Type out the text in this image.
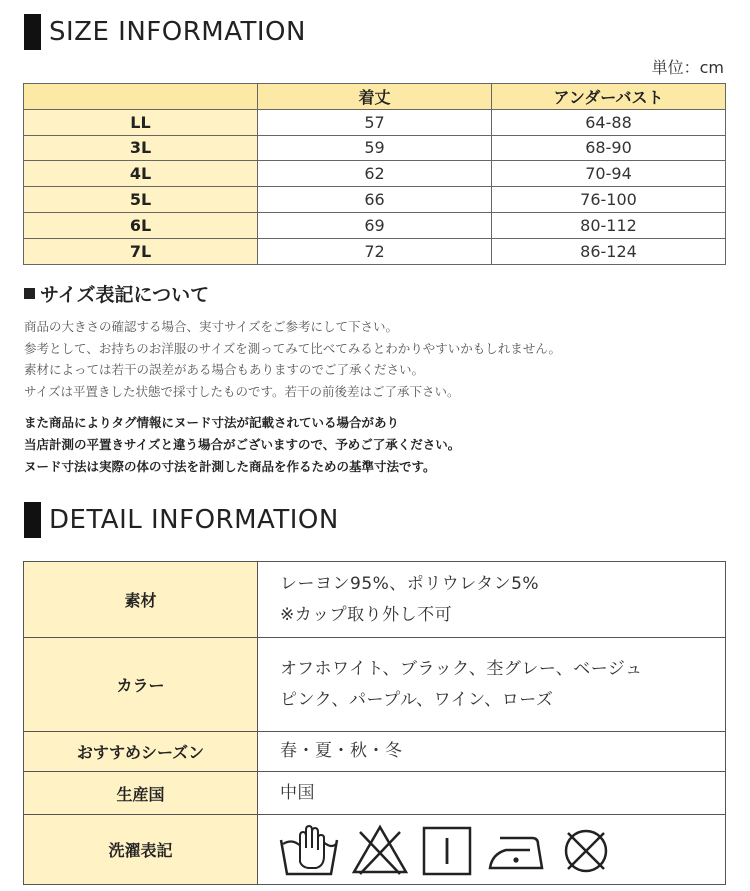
SIZE INFORMATION
単位：cm
	着丈	アンダーバスト
LL	57	64-88
3L	59	68-90
4L	62	70-94
5L	66	76-100
6L	69	80-112
7L	72	86-124
サイズ表記について
商品の大きさの確認する場合、実寸サイズをご参考にして下さい。
参考として、お持ちのお洋服のサイズを測ってみて比べてみるとわかりやすいかもしれません。
素材によっては若干の誤差がある場合もありますのでご了承ください。
サイズは平置きした状態で採寸したものです。若干の前後差はご了承下さい。
また商品によりタグ情報にヌード寸法が記載されている場合があり
当店計測の平置きサイズと違う場合がございますので、予めご了承ください。
ヌード寸法は実際の体の寸法を計測した商品を作るための基準寸法です。
DETAIL INFORMATION
素材	レーヨン95%、ポリウレタン5%
※カップ取り外し不可

カラー	オフホワイト、ブラック、杢グレー、ベージュ
ピンク、パープル、ワイン、ローズ

おすすめシーズン	春・夏・秋・冬

生産国	中国

洗濯表記	
